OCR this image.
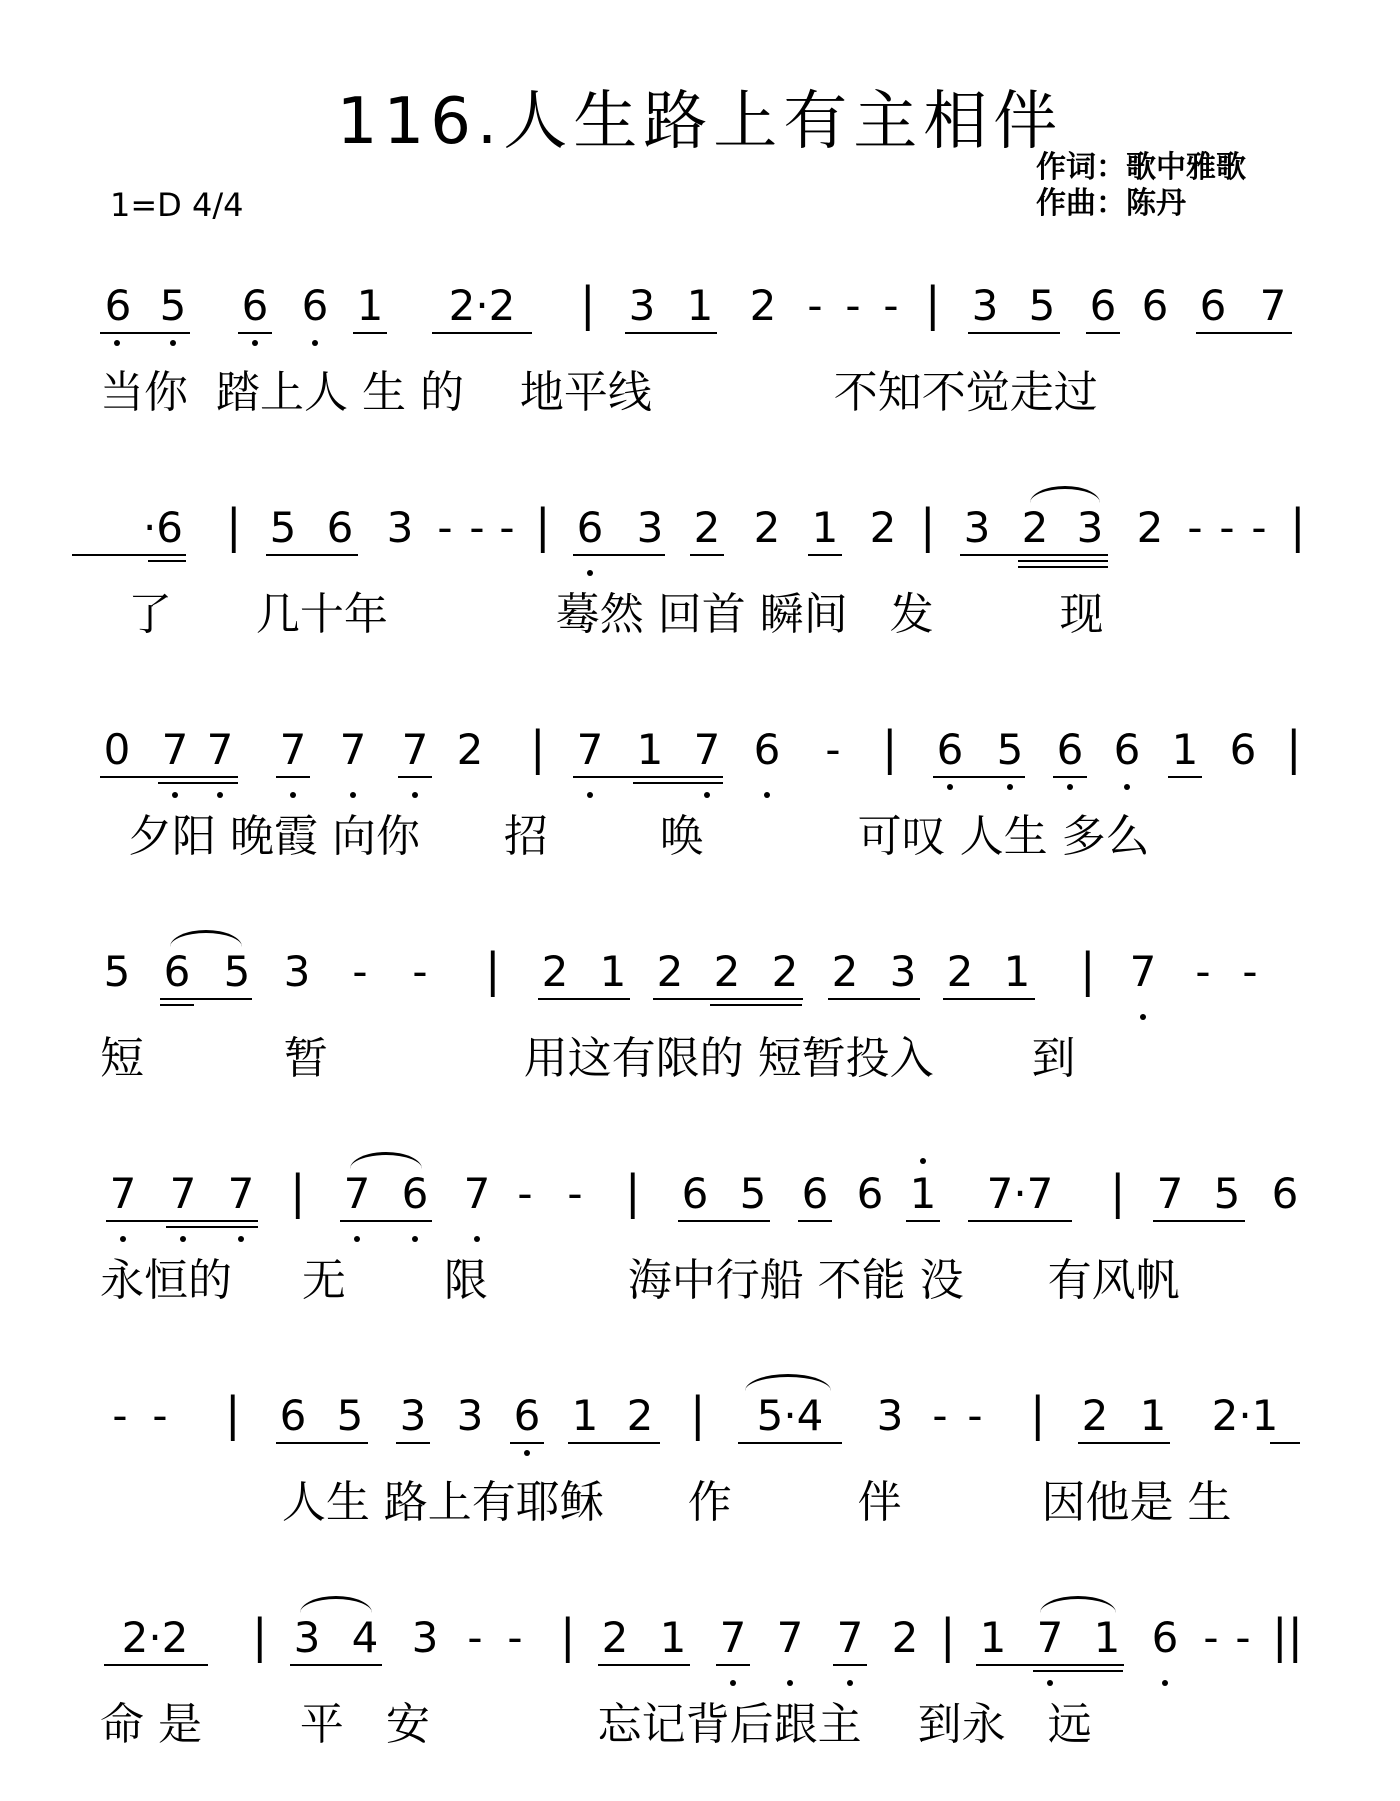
116.人生路上有主相伴
1=D 4/4
作词：歌中雅歌
作曲：陈丹
6 5 6 6 1	2·2	| 3 1 2 - - - | 3 5 6 6 6 7
当你  踏上人 生 的    地平线             不知不觉走过
·6 | 5 6 3 - - - | 6 3 2 2 1 2 | 3 2 3 2 - - - |
了      几十年            蓦然 回首 瞬间   发         现
0 7 7 7 7 7 2 | 7 1 7 6 - | 6 5 6 6 1 6 |
夕阳 晚霞 向你      招        唤           可叹 人生 多么
5 6 5 3 - - | 2 1 2 2 2 2 3 2 1 | 7 - -
短          暂              用这有限的 短暂投入       到
7 7 7 | 7 6 7 - - | 6 5 6 6 1	7·7	| 7 5 6
永恒的     无       限          海中行船 不能 没      有风帆
- - | 6 5 3 3 6 1 2 |	5·4	3 - - | 2 1	2·1
人生 路上有耶稣      作         伴          因他是 生
2·2	| 3 4 3 - - | 2 1 7 7 7 2 | 1 7 1 6 - - ||
命 是       平   安            忘记背后跟主    到永   远
